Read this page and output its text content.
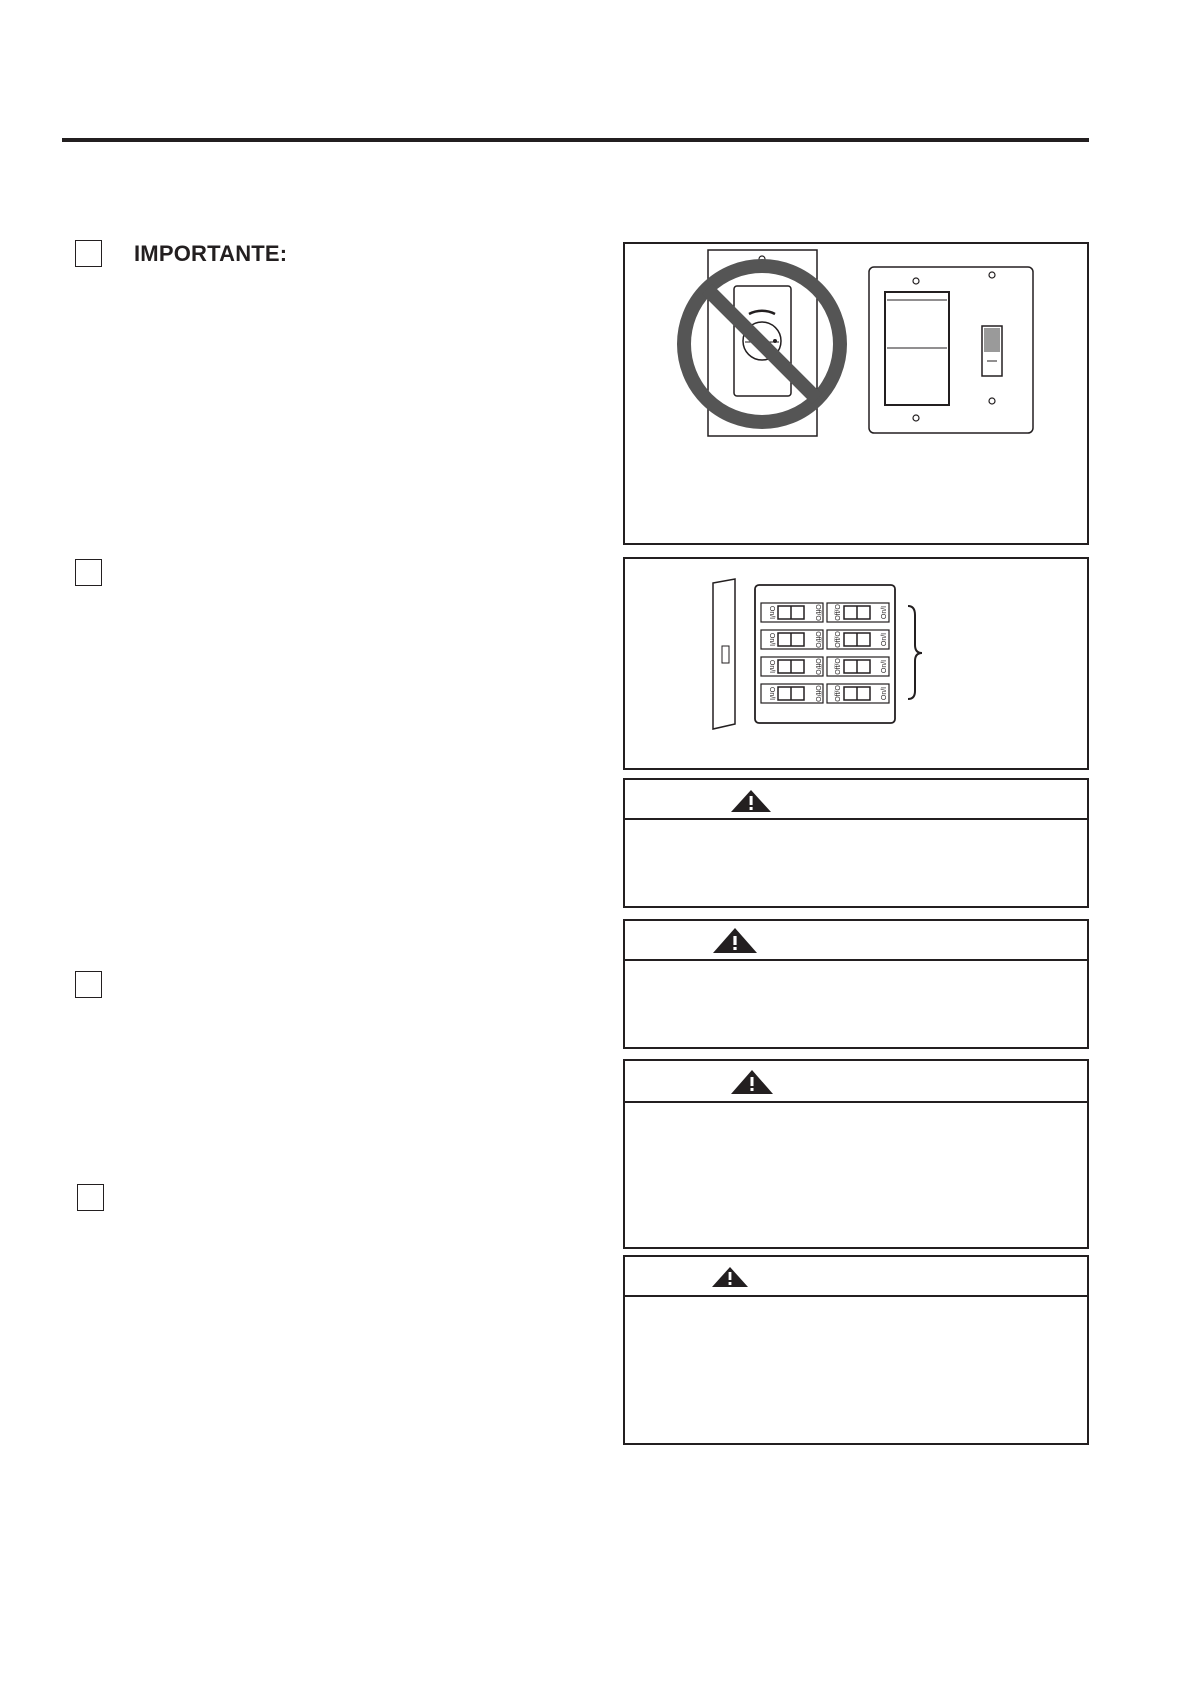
IMPORTANTE:
On/I	Off/O Off/O	On/I
On/I	Off/O Off/O	On/I
On/I	Off/O Off/O	On/I
On/I	Off/O Off/O	On/I
